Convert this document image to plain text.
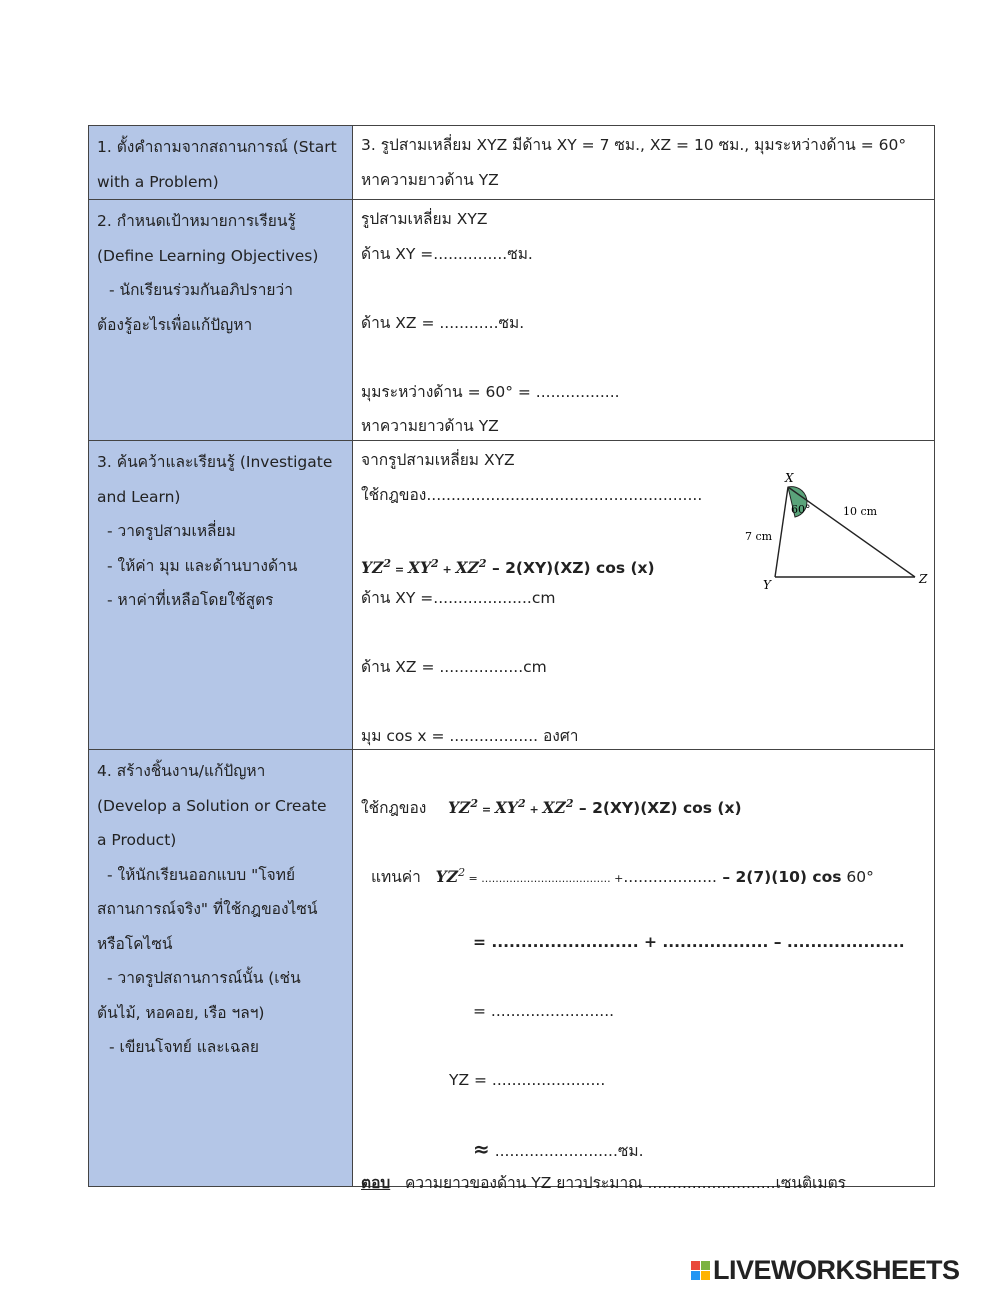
1. ตั้งคำถามจากสถานการณ์ (Start
with a Problem)
3. รูปสามเหลี่ยม XYZ มีด้าน XY = 7 ซม., XZ = 10 ซม., มุมระหว่างด้าน = 60°
หาความยาวด้าน YZ
2. กำหนดเป้าหมายการเรียนรู้
(Define Learning Objectives)
- นักเรียนร่วมกันอภิปรายว่า
ต้องรู้อะไรเพื่อแก้ปัญหา
รูปสามเหลี่ยม XYZ
ด้าน XY =...............ซม.
ด้าน XZ = ............ซม.
มุมระหว่างด้าน = 60° = .................
หาความยาวด้าน YZ
3. ค้นคว้าและเรียนรู้ (Investigate
and Learn)
- วาดรูปสามเหลี่ยม
- ให้ค่า มุม และด้านบางด้าน
- หาค่าที่เหลือโดยใช้สูตร
จากรูปสามเหลี่ยม XYZ
ใช้กฎของ........................................................
$YZ^2 = XY^2 + XZ^2 - 2(XY)(XZ)$ cos (x)
ด้าน XY =....................cm
ด้าน XZ = .................cm
มุม cos x = .................. องศา
X
Y	Z
60°
7 cm
10 cm
4. สร้างชิ้นงาน/แก้ปัญหา
(Develop a Solution or Create
a Product)
- ให้นักเรียนออกแบบ "โจทย์
สถานการณ์จริง" ที่ใช้กฎของไซน์
หรือโคไซน์
- วาดรูปสถานการณ์นั้น (เช่น
ต้นไม้, หอคอย, เรือ ฯลฯ)
- เขียนโจทย์ และเฉลย
ใช้กฎของ $YZ^2 = XY^2 + XZ^2 - 2(XY)(XZ)$ cos (x)
แทนค่า $YZ^2$ = ..................................... +................... – 2(7)(10) cos 60°
= ......................... + .................. – ....................
= .........................
YZ = .......................
≈ .........................ซม.
ตอบ ความยาวของด้าน YZ ยาวประมาณ ..........................เซนติเมตร
LIVEWORKSHEETS
